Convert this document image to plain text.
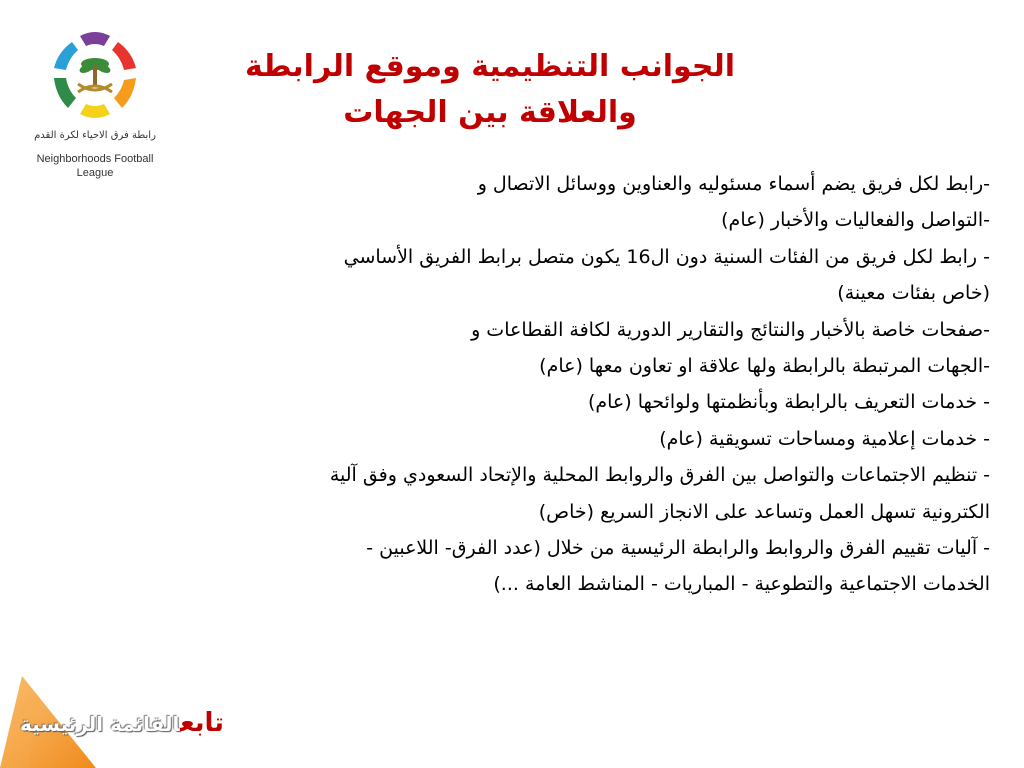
رابطة فرق الاحياء لكرة القدم
Neighborhoods Football
League
الجوانب التنظيمية وموقع الرابطة
والعلاقة بين الجهات
-رابط لكل فريق يضم أسماء مسئوليه والعناوين ووسائل الاتصال و
-التواصل والفعاليات والأخبار (عام)
- رابط لكل فريق من الفئات السنية دون ال16 يكون متصل برابط الفريق الأساسي
(خاص بفئات معينة)
-صفحات خاصة بالأخبار والنتائج والتقارير الدورية لكافة القطاعات و
-الجهات المرتبطة بالرابطة ولها علاقة او تعاون معها (عام)
- خدمات التعريف بالرابطة وبأنظمتها ولوائحها (عام)
- خدمات إعلامية ومساحات تسويقية (عام)
- تنظيم الاجتماعات والتواصل بين الفرق والروابط المحلية والإتحاد السعودي وفق آلية
الكترونية تسهل العمل وتساعد على الانجاز السريع (خاص)
- آليات تقييم الفرق والروابط والرابطة الرئيسية من خلال (عدد الفرق- اللاعبين -
الخدمات الاجتماعية والتطوعية - المباريات - المناشط العامة ...)
تابعالقائمة الرئيسية
